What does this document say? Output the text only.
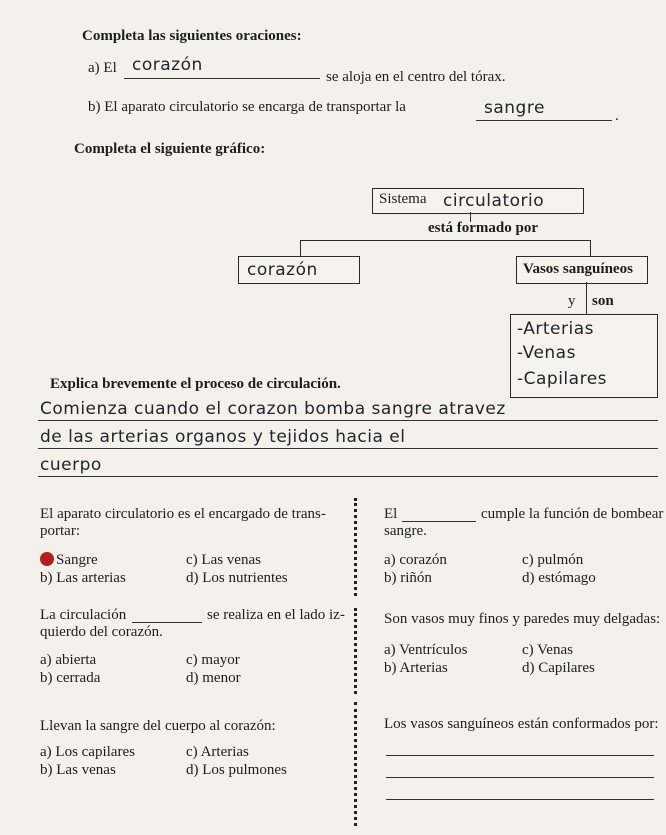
Completa las siguientes oraciones:
a) El corazón
se aloja en el centro del tórax.
b) El aparato circulatorio se encarga de transportar la	sangre	.
Completa el siguiente gráfico:
Sistema circulatorio
está formado por
corazón	Vasos sanguíneos
y son
-Arterias
-Venas
-Capilares
Explica brevemente el proceso de circulación.
Comienza cuando el corazon bomba sangre atravez
de las arterias organos y tejidos hacia el
cuerpo
El aparato circulatorio es el encargado de trans-
portar:
Sangre
b) Las arterias
c) Las venas
d) Los nutrientes
El	cumple la función de bombear
sangre.
a) corazón
b) riñón
c) pulmón
d) estómago
La circulación	se realiza en el lado iz-
quierdo del corazón.
a) abierta
b) cerrada
c) mayor
d) menor
Son vasos muy finos y paredes muy delgadas:
a) Ventrículos
b) Arterias
c) Venas
d) Capilares
Llevan la sangre del cuerpo al corazón:
a) Los capilares
b) Las venas
c) Arterias
d) Los pulmones
Los vasos sanguíneos están conformados por:
